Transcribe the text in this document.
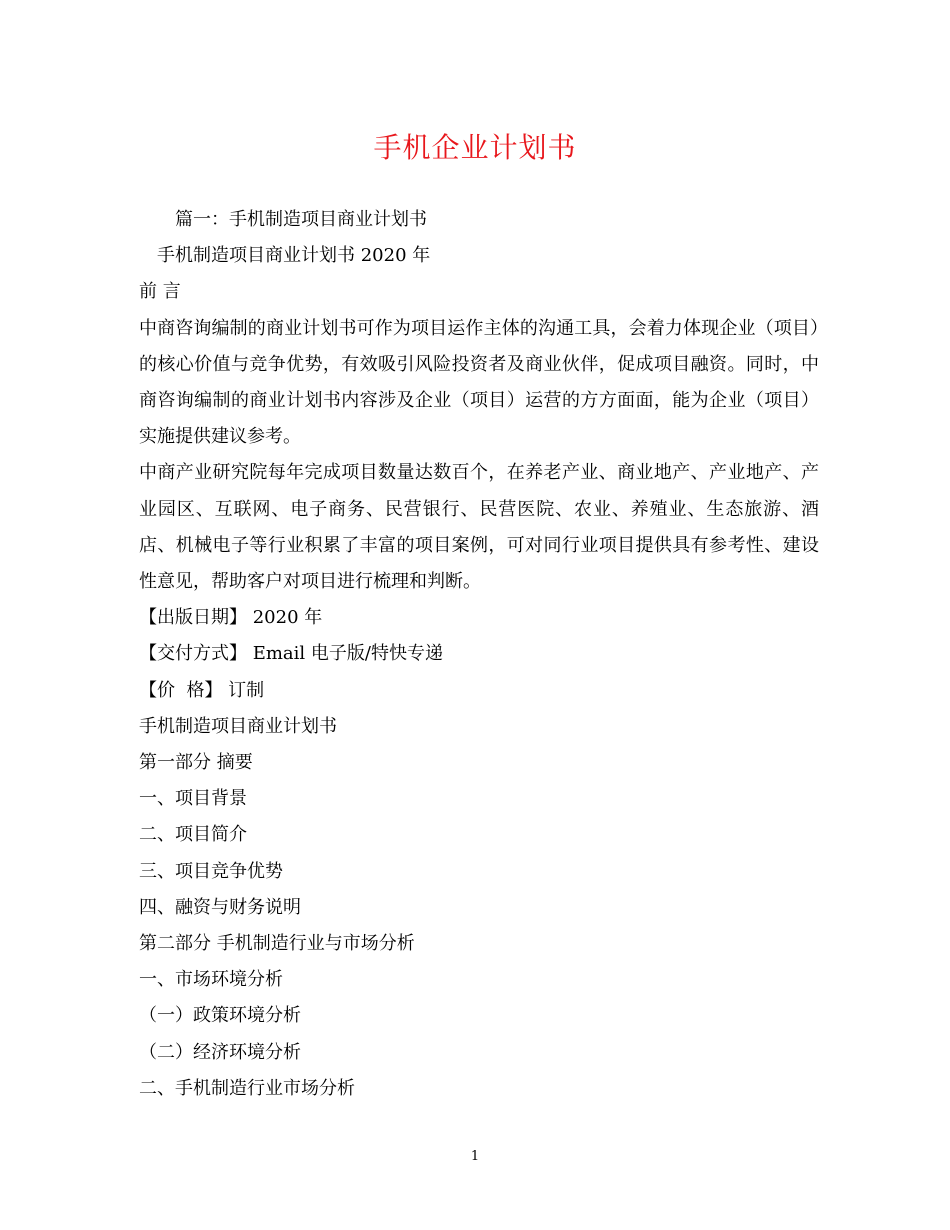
手机企业计划书

篇一：手机制造项目商业计划书

手机制造项目商业计划书 2020 年

前 言

中商咨询编制的商业计划书可作为项目运作主体的沟通工具，会着力体现企业（项目）的核心价值与竞争优势，有效吸引风险投资者及商业伙伴，促成项目融资。同时，中商咨询编制的商业计划书内容涉及企业（项目）运营的方方面面，能为企业（项目）实施提供建议参考。

中商产业研究院每年完成项目数量达数百个，在养老产业、商业地产、产业地产、产业园区、互联网、电子商务、民营银行、民营医院、农业、养殖业、生态旅游、酒店、机械电子等行业积累了丰富的项目案例，可对同行业项目提供具有参考性、建设性意见，帮助客户对项目进行梳理和判断。

【出版日期】 2020 年

【交付方式】 Email 电子版/特快专递

【价  格】 订制

手机制造项目商业计划书

第一部分 摘要

一、项目背景

二、项目简介

三、项目竞争优势

四、融资与财务说明

第二部分 手机制造行业与市场分析

一、市场环境分析

（一）政策环境分析

（二）经济环境分析

二、手机制造行业市场分析

1
